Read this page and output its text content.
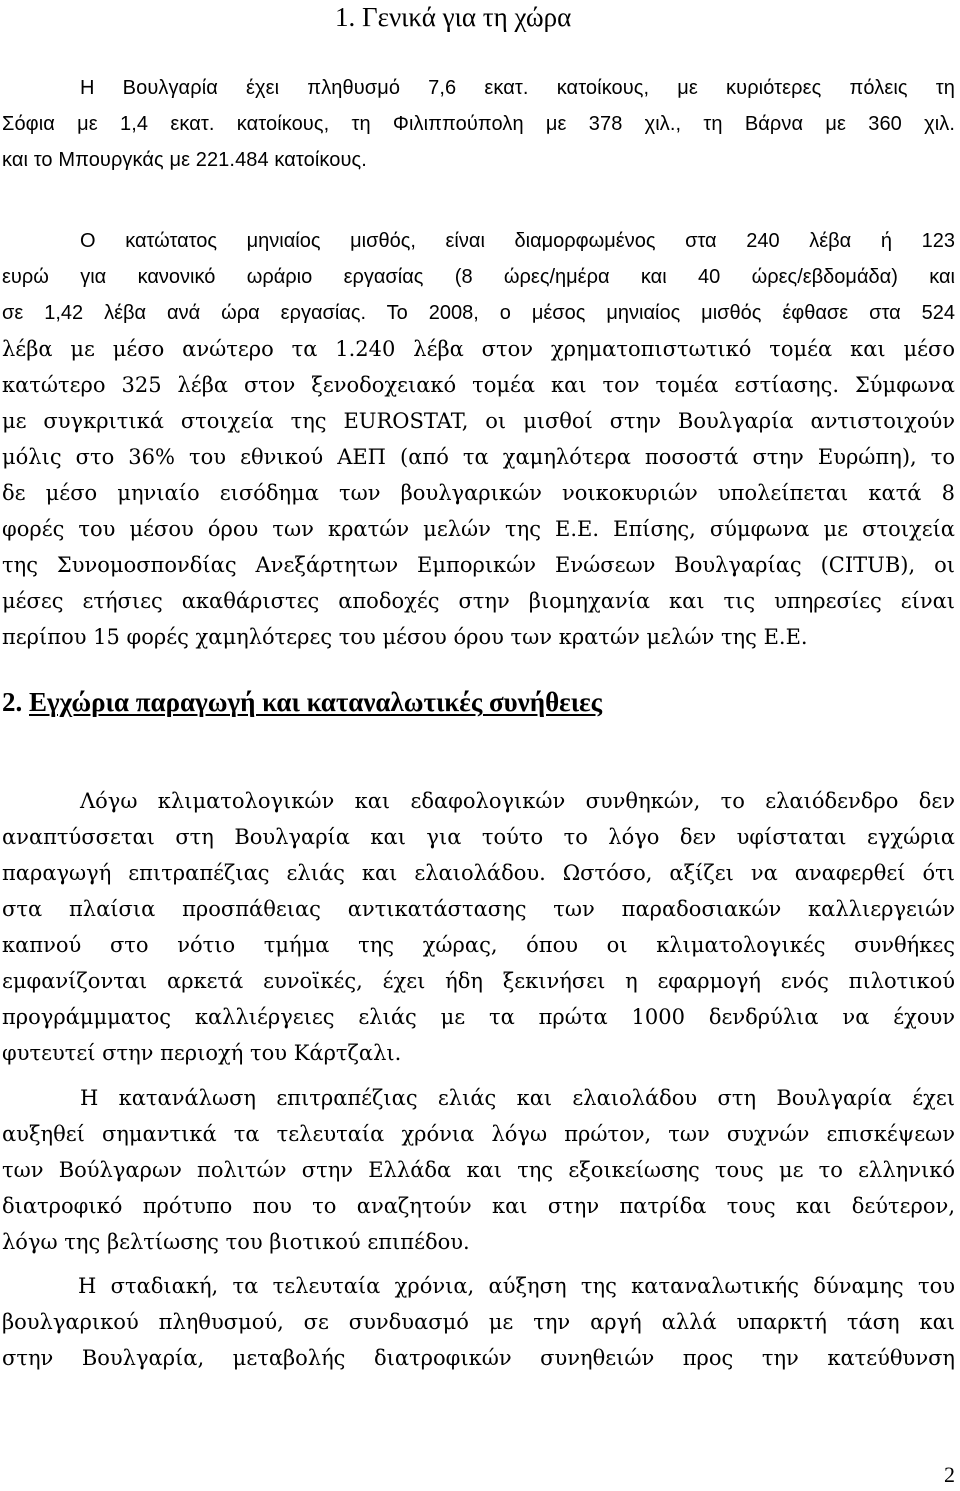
1. Γενικά για τη χώρα
Η Βουλγαρία έχει πληθυσμό 7,6 εκατ. κατοίκους, με κυριότερες πόλεις τη
Σόφια με 1,4 εκατ. κατοίκους, τη Φιλιππούπολη με 378 χιλ., τη Βάρνα με 360 χιλ.
και το Μπουργκάς με 221.484 κατοίκους.
Ο κατώτατος μηνιαίος μισθός, είναι διαμορφωμένος στα 240 λέβα ή 123
ευρώ για κανονικό ωράριο εργασίας (8 ώρες/ημέρα και 40 ώρες/εβδομάδα) και
σε 1,42 λέβα ανά ώρα εργασίας. Το 2008, ο μέσος μηνιαίος μισθός έφθασε στα 524
λέβα με μέσο ανώτερο τα 1.240 λέβα στον χρηματοπιστωτικό τομέα και μέσο
κατώτερο 325 λέβα στον ξενοδοχειακό τομέα και τον τομέα εστίασης. Σύμφωνα
με συγκριτικά στοιχεία της EUROSTAT, οι μισθοί στην Βουλγαρία αντιστοιχούν
μόλις στο 36% του εθνικού ΑΕΠ (από τα χαμηλότερα ποσοστά στην Ευρώπη), το
δε μέσο μηνιαίο εισόδημα των βουλγαρικών νοικοκυριών υπολείπεται κατά 8
φορές του μέσου όρου των κρατών μελών της Ε.Ε. Επίσης, σύμφωνα με στοιχεία
της Συνομοσπονδίας Ανεξάρτητων Εμπορικών Ενώσεων Βουλγαρίας (CITUB), οι
μέσες ετήσιες ακαθάριστες αποδοχές στην βιομηχανία και τις υπηρεσίες είναι
περίπου 15 φορές χαμηλότερες του μέσου όρου των κρατών μελών της Ε.Ε.
2. Εγχώρια παραγωγή και καταναλωτικές συνήθειες
Λόγω κλιματολογικών και εδαφολογικών συνθηκών, το ελαιόδενδρο δεν
αναπτύσσεται στη Βουλγαρία και για τούτο το λόγο δεν υφίσταται εγχώρια
παραγωγή επιτραπέζιας ελιάς και ελαιολάδου. Ωστόσο, αξίζει να αναφερθεί ότι
στα πλαίσια προσπάθειας αντικατάστασης των παραδοσιακών καλλιεργειών
καπνού στο νότιο τμήμα της χώρας, όπου οι κλιματολογικές συνθήκες
εμφανίζονται αρκετά ευνοϊκές, έχει ήδη ξεκινήσει η εφαρμογή ενός πιλοτικού
προγράμμματος καλλιέργειες ελιάς με τα πρώτα 1000 δενδρύλια να έχουν
φυτευτεί στην περιοχή του Κάρτζαλι.
Η κατανάλωση επιτραπέζιας ελιάς και ελαιολάδου στη Βουλγαρία έχει
αυξηθεί σημαντικά τα τελευταία χρόνια λόγω πρώτον, των συχνών επισκέψεων
των Βούλγαρων πολιτών στην Ελλάδα και της εξοικείωσης τους με το ελληνικό
διατροφικό πρότυπο που το αναζητούν και στην πατρίδα τους και δεύτερον,
λόγω της βελτίωσης του βιοτικού επιπέδου.
Η σταδιακή, τα τελευταία χρόνια, αύξηση της καταναλωτικής δύναμης του
βουλγαρικού πληθυσμού, σε συνδυασμό με την αργή αλλά υπαρκτή τάση και
στην Βουλγαρία, μεταβολής διατροφικών συνηθειών προς την κατεύθυνση
2
